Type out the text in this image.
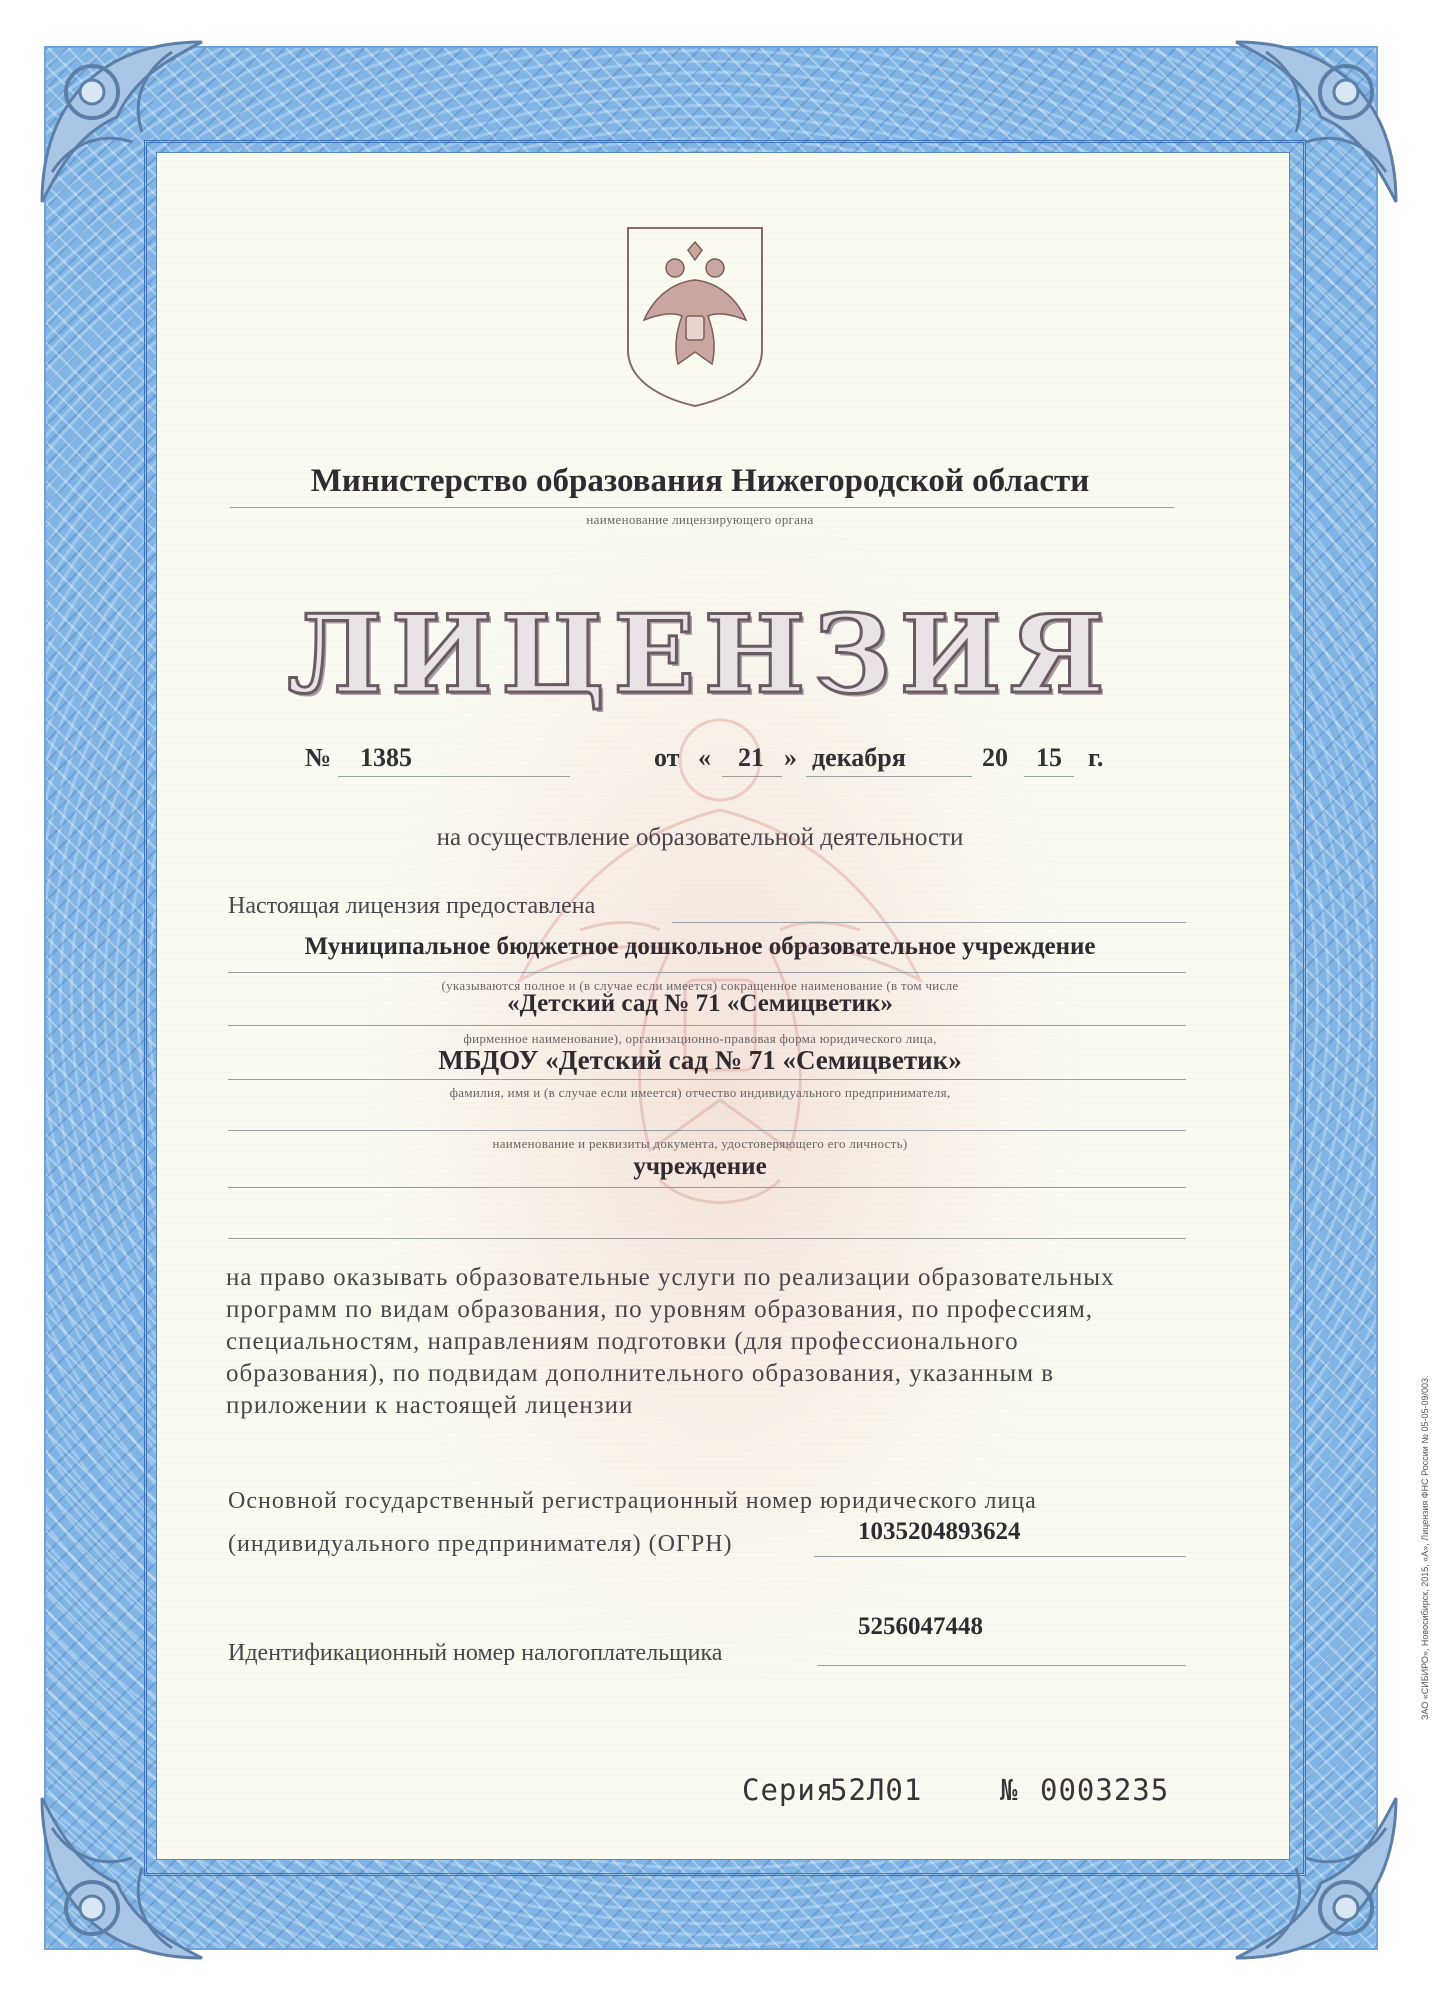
Министерство образования Нижегородской области
наименование лицензирующего органа
ЛИЦЕНЗИЯ
№ 1385	от « 21 » декабря	20 15 г.
на осуществление образовательной деятельности
Настоящая лицензия предоставлена
Муниципальное бюджетное дошкольное образовательное учреждение
(указываются полное и (в случае если имеется) сокращенное наименование (в том числе
«Детский сад № 71 «Семицветик»
фирменное наименование), организационно-правовая форма юридического лица,
МБДОУ «Детский сад № 71 «Семицветик»
фамилия, имя и (в случае если имеется) отчество индивидуального предпринимателя,
наименование и реквизиты документа, удостоверяющего его личность)
учреждение
на право оказывать образовательные услуги по реализации образовательных
программ по видам образования, по уровням образования, по профессиям,
специальностям, направлениям подготовки (для профессионального
образования), по подвидам дополнительного образования, указанным в
приложении к настоящей лицензии
Основной государственный регистрационный номер юридического лица
(индивидуального предпринимателя) (ОГРН)	1035204893624
5256047448
Идентификационный номер налогоплательщика
Серия
52Л01	№ 0003235
ЗАО «СИБИРО», Новосибирск, 2015, «А», Лицензия ФНС России № 05-05-09/003.
